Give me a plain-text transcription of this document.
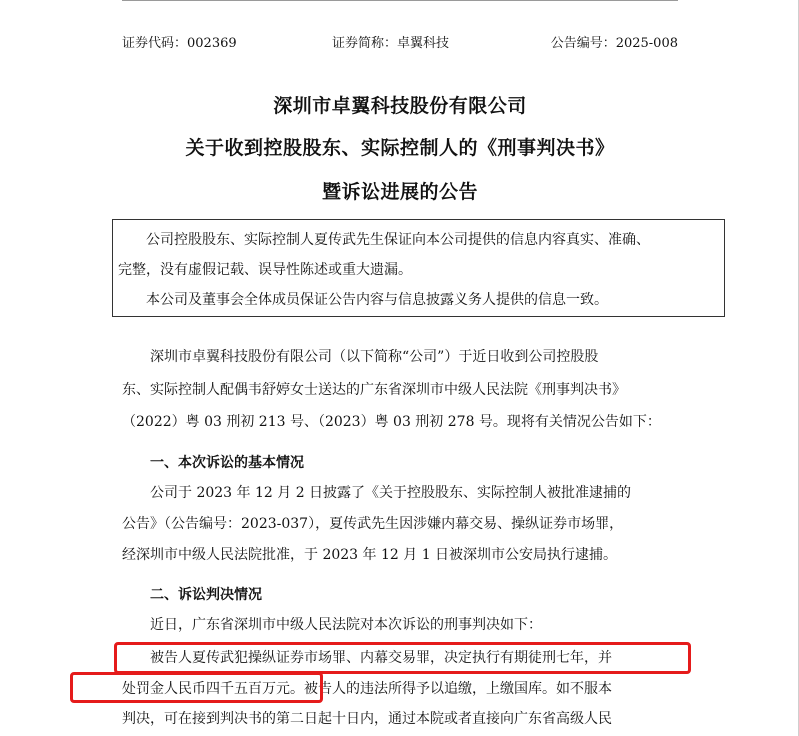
证券代码：002369	证券简称：卓翼科技	公告编号：2025-008
深圳市卓翼科技股份有限公司
关于收到控股股东、实际控制人的《刑事判决书》
暨诉讼进展的公告
公司控股股东、实际控制人夏传武先生保证向本公司提供的信息内容真实、准确、
完整，没有虚假记载、误导性陈述或重大遗漏。
本公司及董事会全体成员保证公告内容与信息披露义务人提供的信息一致。
深圳市卓翼科技股份有限公司（以下简称“公司”）于近日收到公司控股股
东、实际控制人配偶韦舒婷女士送达的广东省深圳市中级人民法院《刑事判决书》
（2022）粤 03 刑初 213 号、（2023）粤 03 刑初 278 号。现将有关情况公告如下：
一、本次诉讼的基本情况
公司于 2023 年 12 月 2 日披露了《关于控股股东、实际控制人被批准逮捕的
公告》（公告编号：2023-037），夏传武先生因涉嫌内幕交易、操纵证券市场罪，
经深圳市中级人民法院批准，于 2023 年 12 月 1 日被深圳市公安局执行逮捕。
二、诉讼判决情况
近日，广东省深圳市中级人民法院对本次诉讼的刑事判决如下：
被告人夏传武犯操纵证券市场罪、内幕交易罪，决定执行有期徒刑七年，并
处罚金人民币四千五百万元。被告人的违法所得予以追缴，上缴国库。如不服本
判决，可在接到判决书的第二日起十日内，通过本院或者直接向广东省高级人民
